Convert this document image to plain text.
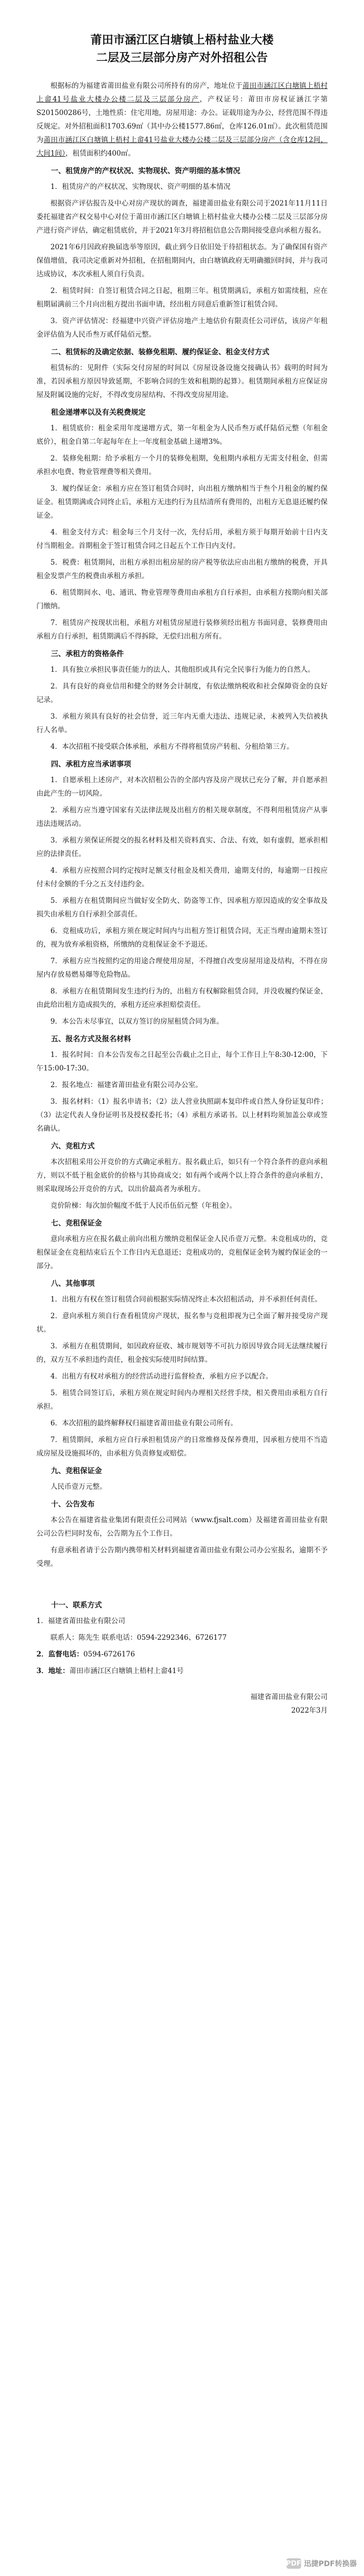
莆田市涵江区白塘镇上梧村盐业大楼
二层及三层部分房产对外招租公告

根据标的为福建省莆田盐业有限公司所持有的房产，地址位于莆田市涵江区白塘镇上梧村上畲41号盐业大楼办公楼二层及三层部分房产，产权证号：莆田市房权证涵江字第S201500286号，土地性质：住宅用地，房屋用途：办公。证载用途为办公，经营范围不得违反规定。对外招租面积1703.69㎡（其中办公楼1577.86㎡，仓库126.01㎡）。此次租赁范围为莆田市涵江区白塘镇上梧村上畲41号盐业大楼办公楼二层及三层部分房产（含仓库12间，大间1间），租赁面积约400㎡。

一、租赁房产的产权状况、实物现状、资产明细的基本情况

1．租赁房产的产权状况、实物现状、资产明细的基本情况

根据资产评估报告及中心对房产现状的调查，福建莆田盐业有限公司于2021年11月11日委托福建省产权交易中心对位于莆田市涵江区白塘镇上梧村盐业大楼办公楼二层及三层部分房产进行资产评估，确定租赁底价，并于2021年3月将招租信息公告期间接受意向承租方报名。

2021年6月因政府换届选举等原因，截止到今日依旧处于待招租状态。为了确保国有资产保值增值，我司决定重新对外招租，在招租期间内，由白塘镇政府无明确撤回时间，并与我司达成协议，本次承租人须自行负责。

2．租赁时间：自签订租赁合同之日起，租期三年。租赁期满后，承租方如需续租，应在租期届满前三个月向出租方提出书面申请，经出租方同意后重新签订租赁合同。

3．资产评估情况：经福建中兴资产评估房地产土地估价有限责任公司评估，该房产年租金评估值为人民币叁万贰仟陆佰元整。

二、租赁标的及确定依据、装修免租期、履约保证金、租金支付方式

租赁标的：见附件（实际交付房屋的时间以《房屋设备设施交接确认书》载明的时间为准，若因承租方原因导致延期，不影响合同的生效和租期的起算）。租赁期间承租方应保证房屋及附属设施的完好，不得改变房屋结构、不得改变房屋用途。

租金递增率以及有关税费规定

1．租赁底价：租金采用年度递增方式，第一年租金为人民币叁万贰仟陆佰元整（年租金底价），租金自第二年起每年在上一年度租金基础上递增3%。

2．装修免租期：给予承租方一个月的装修免租期，免租期内承租方无需支付租金，但需承担水电费、物业管理费等相关费用。

3．履约保证金：承租方应在签订租赁合同时，向出租方缴纳相当于叁个月租金的履约保证金。租赁期满或合同终止后，承租方无违约行为且结清所有费用的，出租方无息退还履约保证金。

4．租金支付方式：租金每三个月支付一次，先付后用，承租方须于每期开始前十日内支付当期租金。首期租金于签订租赁合同之日起五个工作日内支付。

5．税费：租赁期间，出租方承担出租房屋的房产税等依法应由出租方缴纳的税费，开具租金发票产生的税费由承租方承担。

6．租赁期间水、电、通讯、物业管理等费用由承租方自行承担，由承租方按期向相关部门缴纳。

7．租赁房产按现状出租，承租方对租赁房屋进行装修须经出租方书面同意，装修费用由承租方自行承担，租赁期满后不得拆除，无偿归出租方所有。

三、承租方的资格条件

1．具有独立承担民事责任能力的法人、其他组织或具有完全民事行为能力的自然人。

2．具有良好的商业信用和健全的财务会计制度，有依法缴纳税收和社会保障资金的良好记录。

3．承租方须具有良好的社会信誉，近三年内无重大违法、违规记录，未被列入失信被执行人名单。

4．本次招租不接受联合体承租，承租方不得将租赁房产转租、分租给第三方。

四、承租方应当承诺事项

1．自愿承租上述房产，对本次招租公告的全部内容及房产现状已充分了解，并自愿承担由此产生的一切风险。

2．承租方应当遵守国家有关法律法规及出租方的相关规章制度，不得利用租赁房产从事违法违规活动。

3．承租方须保证所提交的报名材料及相关资料真实、合法、有效，如有虚假，愿承担相应的法律责任。

4．承租方应按照合同约定按时足额支付租金及相关费用，逾期支付的，每逾期一日按应付未付金额的千分之五支付违约金。

5．承租方在租赁期间应当做好安全防火、防盗等工作，因承租方原因造成的安全事故及损失由承租方自行承担全部责任。

6．竞租成功后，承租方须在规定时间内与出租方签订租赁合同，无正当理由逾期未签订的，视为放弃承租资格，所缴纳的竞租保证金不予退还。

7．承租方应当按照约定的用途合理使用房屋，不得擅自改变房屋用途及结构，不得在房屋内存放易燃易爆等危险物品。

8．承租方在租赁期间发生违约行为的，出租方有权解除租赁合同，并没收履约保证金，由此给出租方造成损失的，承租方还应承担赔偿责任。

9．本公告未尽事宜，以双方签订的房屋租赁合同为准。

五、报名方式及报名材料

1．报名时间：自本公告发布之日起至公告截止之日止，每个工作日上午8:30-12:00，下午15:00-17:30。

2．报名地点：福建省莆田盐业有限公司办公室。

3．报名材料：（1）报名申请书；（2）法人营业执照副本复印件或自然人身份证复印件；（3）法定代表人身份证明书及授权委托书；（4）承租方承诺书。以上材料均须加盖公章或签名确认。

六、竞租方式

本次招租采用公开竞价的方式确定承租方。报名截止后，如只有一个符合条件的意向承租方，则以不低于租金底价的价格与其协商成交；如有两个或两个以上符合条件的意向承租方，则采取现场公开竞价的方式，以出价最高者为承租方。

竞价阶梯：每次加价幅度不低于人民币伍佰元整（年租金）。

七、竞租保证金

意向承租方应在报名截止前向出租方缴纳竞租保证金人民币壹万元整。未竞租成功的，竞租保证金在竞租结束后五个工作日内无息退还；竞租成功的，竞租保证金转为履约保证金的一部分。

八、其他事项

1．出租方有权在签订租赁合同前根据实际情况终止本次招租活动，并不承担任何责任。

2．意向承租方须自行查看租赁房产现状，报名参与竞租即视为已全面了解并接受房产现状。

3．承租方在租赁期间，如因政府征收、城市规划等不可抗力原因导致合同无法继续履行的，双方互不承担违约责任，租金按实际使用时间结算。

4．出租方有权对承租方的经营活动进行监督检查，承租方应予以配合。

5．租赁合同签订后，承租方须在规定时间内办理相关经营手续，相关费用由承租方自行承担。

6．本次招租的最终解释权归福建省莆田盐业有限公司所有。

7．租赁期间，承租方应自行承担租赁房产的日常维修及保养费用，因承租方使用不当造成房屋及设施损坏的，由承租方负责修复或赔偿。

九、竞租保证金

人民币壹万元整。

十、公告发布

本公告在福建省盐业集团有限责任公司网站（www.fjsalt.com）及福建省莆田盐业有限公司公告栏同时发布，公告期为五个工作日。

有意承租者请于公告期内携带相关材料到福建省莆田盐业有限公司办公室报名，逾期不予受理。

十一、联系方式

1．福建省莆田盐业有限公司
联系人：陈先生 联系电话：0594-2292346、6726177
2．监督电话：0594-6726176
3．地址：莆田市涵江区白塘镇上梧村上畲41号
福建省莆田盐业有限公司
2022年3月
PDF 迅捷PDF转换器
